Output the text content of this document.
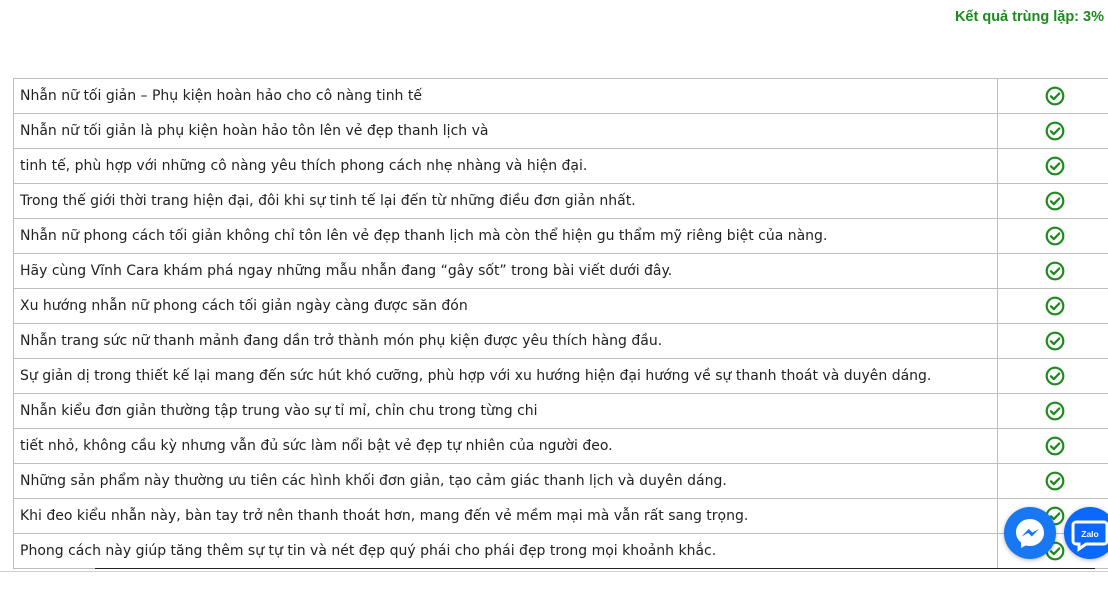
Kết quả trùng lặp: 3%
Nhẫn nữ tối giản – Phụ kiện hoàn hảo cho cô nàng tinh tế	
Nhẫn nữ tối giản là phụ kiện hoàn hảo tôn lên vẻ đẹp thanh lịch và	
tinh tế, phù hợp với những cô nàng yêu thích phong cách nhẹ nhàng và hiện đại.	
Trong thế giới thời trang hiện đại, đôi khi sự tinh tế lại đến từ những điều đơn giản nhất.	
Nhẫn nữ phong cách tối giản không chỉ tôn lên vẻ đẹp thanh lịch mà còn thể hiện gu thẩm mỹ riêng biệt của nàng.	
Hãy cùng Vĩnh Cara khám phá ngay những mẫu nhẫn đang “gây sốt” trong bài viết dưới đây.	
Xu hướng nhẫn nữ phong cách tối giản ngày càng được săn đón	
Nhẫn trang sức nữ thanh mảnh đang dần trở thành món phụ kiện được yêu thích hàng đầu.	
Sự giản dị trong thiết kế lại mang đến sức hút khó cưỡng, phù hợp với xu hướng hiện đại hướng về sự thanh thoát và duyên dáng.	
Nhẫn kiểu đơn giản thường tập trung vào sự tỉ mỉ, chỉn chu trong từng chi	
tiết nhỏ, không cầu kỳ nhưng vẫn đủ sức làm nổi bật vẻ đẹp tự nhiên của người đeo.	
Những sản phẩm này thường ưu tiên các hình khối đơn giản, tạo cảm giác thanh lịch và duyên dáng.	
Khi đeo kiểu nhẫn này, bàn tay trở nên thanh thoát hơn, mang đến vẻ mềm mại mà vẫn rất sang trọng.	
Phong cách này giúp tăng thêm sự tự tin và nét đẹp quý phái cho phái đẹp trong mọi khoảnh khắc.	
Zalo
